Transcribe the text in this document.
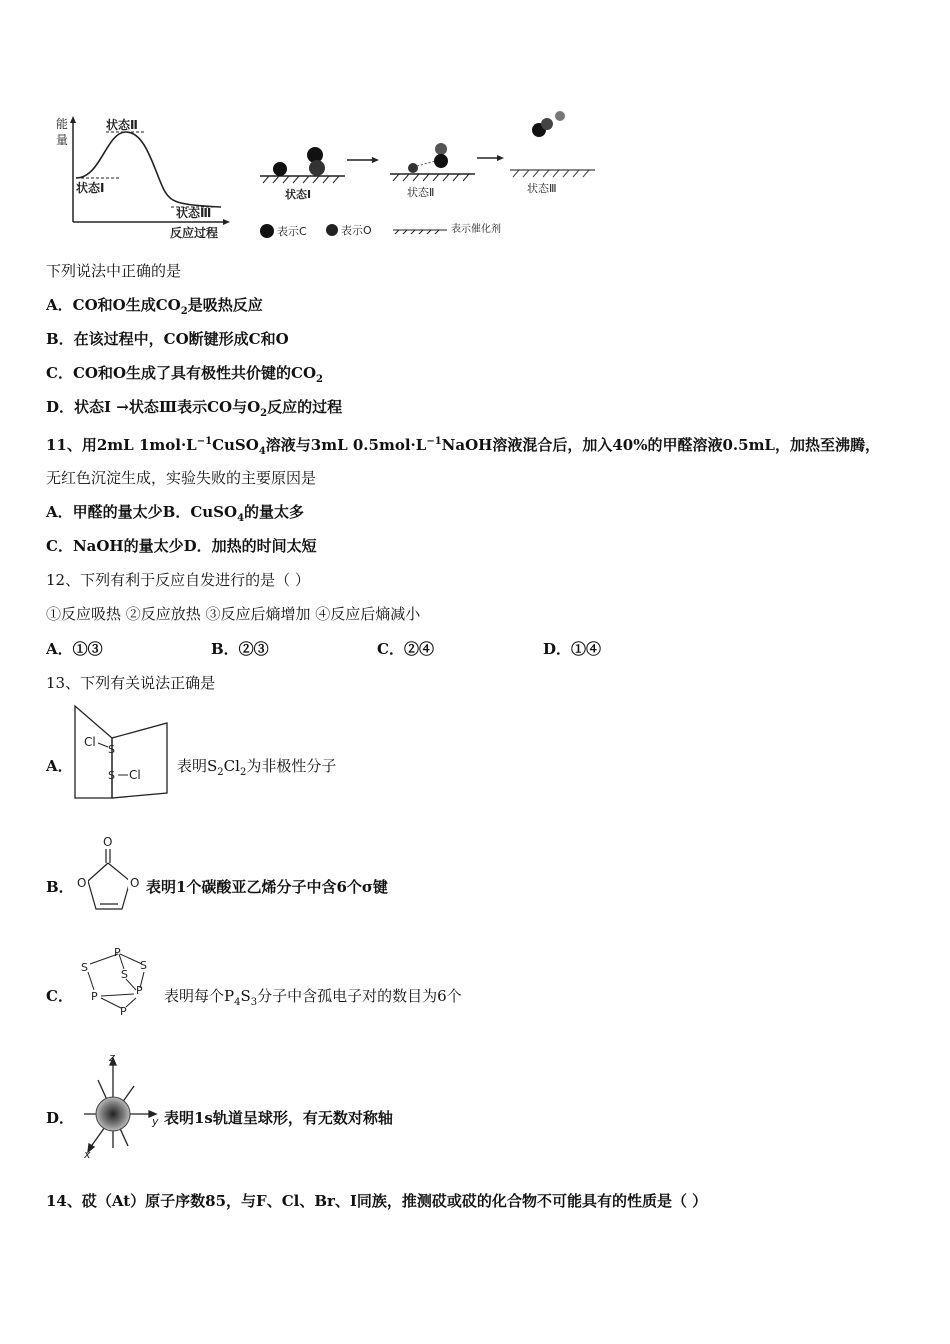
能
量
状态Ⅱ
状态Ⅰ
状态Ⅲ
反应过程
状态Ⅰ	状态Ⅱ	状态Ⅲ
表示C	表示O	表示催化剂
下列说法中正确的是
A．CO和O生成$CO_2$是吸热反应
B．在该过程中，CO断键形成C和O
C．CO和O生成了具有极性共价键的$CO_2$
D．状态Ⅰ →状态Ⅲ表示CO与$O_2$反应的过程
11、用2mL $1mol\cdot L^{-1}CuSO_4$溶液与3mL $0.5mol\cdot L^{-1}NaOH$溶液混合后，加入40%的甲醛溶液0.5mL，加热至沸腾，
无红色沉淀生成，实验失败的主要原因是
A．甲醛的量太少B．CuSO$_4$的量太多
C．NaOH的量太少D．加热的时间太短
12、下列有利于反应自发进行的是（ ）
①反应吸热 ②反应放热 ③反应后熵增加 ④反应后熵减小
A．①③	B．②③	C．②④	D．①④
13、下列有关说法正确是
A．
Cl
S
S Cl 表明$S_2Cl_2$为非极性分子
B．
O
O	O 表明1个碳酸亚乙烯分子中含6个σ键
C．
P
S	S
S
P	P
P
表明每个$P_4S_3$分子中含孤电子对的数目为6个
D．
z
y
x
表明1s轨道呈球形，有无数对称轴
14、砹（At）原子序数85，与F、Cl、Br、I同族，推测砹或砹的化合物不可能具有的性质是（ ）
